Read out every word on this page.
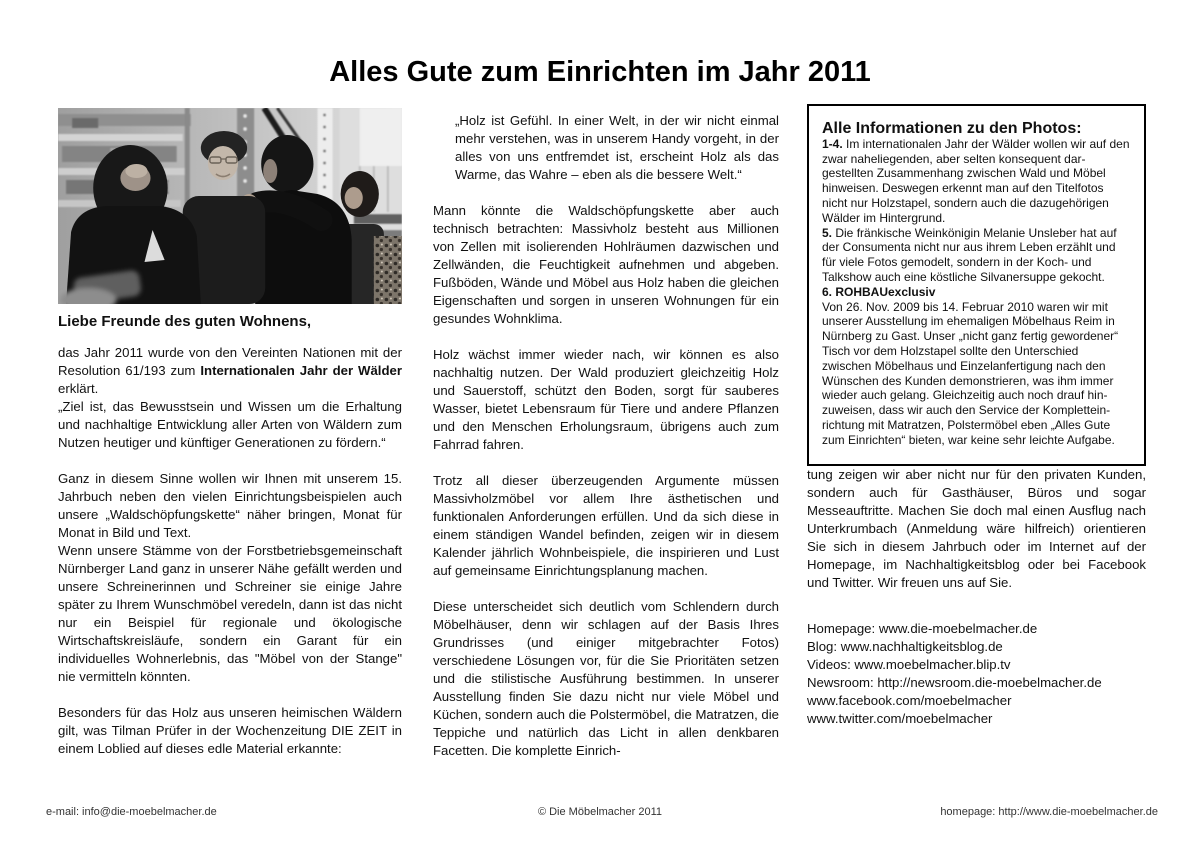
Alles Gute zum Einrichten im Jahr 2011
Liebe Freunde des guten Wohnens,

das Jahr 2011 wurde von den Vereinten Nationen mit der Resolution 61/193 zum Internationalen Jahr der Wälder erklärt.

„Ziel ist, das Bewusstsein und Wissen um die Erhaltung und nachhaltige Entwicklung aller Arten von Wäldern zum Nutzen heutiger und künftiger Generationen zu fördern.“

Ganz in diesem Sinne wollen wir Ihnen mit unserem 15. Jahrbuch neben den vielen Einrichtungsbeispielen auch unsere „Waldschöpfungskette“ näher bringen, Monat für Monat in Bild und Text.

Wenn unsere Stämme von der Forstbetriebsgemeinschaft Nürnberger Land ganz in unserer Nähe gefällt werden und unsere Schreinerinnen und Schreiner sie einige Jahre später zu Ihrem Wunschmöbel veredeln, dann ist das nicht nur ein Beispiel für regionale und ökologische Wirtschaftskreisläufe, sondern ein Garant für ein individuelles Wohnerlebnis, das "Möbel von der Stange" nie vermitteln könnten.

Besonders für das Holz aus unseren heimischen Wäldern gilt, was Tilman Prüfer in der Wochenzeitung DIE ZEIT in einem Loblied auf dieses edle Material erkannte:

„Holz ist Gefühl. In einer Welt, in der wir nicht einmal mehr verstehen, was in unserem Handy vorgeht, in der alles von uns entfremdet ist, erscheint Holz als das Warme, das Wahre – eben als die bessere Welt.“

Mann könnte die Waldschöpfungskette aber auch technisch betrachten: Massivholz besteht aus Millionen von Zellen mit isolierenden Hohlräumen dazwischen und Zellwänden, die Feuchtigkeit aufnehmen und abgeben. Fußböden, Wände und Möbel aus Holz haben die gleichen Eigenschaften und sorgen in unseren Wohnungen für ein gesundes Wohnklima.

Holz wächst immer wieder nach, wir können es also nachhaltig nutzen. Der Wald produziert gleichzeitig Holz und Sauerstoff, schützt den Boden, sorgt für sauberes Wasser, bietet Lebensraum für Tiere und andere Pflanzen und den Menschen Erholungsraum, übrigens auch zum Fahrrad fahren.

Trotz all dieser überzeugenden Argumente müssen Massivholzmöbel vor allem Ihre ästhetischen und funktionalen Anforderungen erfüllen. Und da sich diese in einem ständigen Wandel befinden, zeigen wir in diesem Kalender jährlich Wohnbeispiele, die inspirieren und Lust auf gemeinsame Einrichtungsplanung machen.

Diese unterscheidet sich deutlich vom Schlendern durch Möbelhäuser, denn wir schlagen auf der Basis Ihres Grundrisses (und einiger mitgebrachter Fotos) verschiedene Lösungen vor, für die Sie Prioritäten setzen und die stilistische Ausführung bestimmen. In unserer Ausstellung finden Sie dazu nicht nur viele Möbel und Küchen, sondern auch die Polstermöbel, die Matratzen, die Teppiche und natürlich das Licht in allen denkbaren Facetten. Die komplette Einrich-

Alle Informationen zu den Photos:

1-4. Im internationalen Jahr der Wälder wollen wir auf den zwar naheliegenden, aber selten konsequent dargestellten Zusammenhang zwischen Wald und Möbel hinweisen. Deswegen erkennt man auf den Titelfotos nicht nur Holzstapel, sondern auch die dazugehörigen Wälder im Hintergrund.

5. Die fränkische Weinkönigin Melanie Unsleber hat auf der Consumenta nicht nur aus ihrem Leben erzählt und für viele Fotos gemodelt, sondern in der Koch- und Talkshow auch eine köstliche Silvanersuppe gekocht.

6. ROHBAUexclusiv
Von 26. Nov. 2009 bis 14. Februar 2010 waren wir mit unserer Ausstellung im ehemaligen Möbelhaus Reim in Nürnberg zu Gast. Unser „nicht ganz fertig gewordener“ Tisch vor dem Holzstapel sollte den Unterschied zwischen Möbelhaus und Einzelanfertigung nach den Wünschen des Kunden demonstrieren, was ihm immer wieder auch gelang. Gleichzeitig auch noch drauf hinzuweisen, dass wir auch den Service der Kompletteinrichtung mit Matratzen, Polstermöbel eben „Alles Gute zum Einrichten“ bieten, war keine sehr leichte Aufgabe.

tung zeigen wir aber nicht nur für den privaten Kunden, sondern auch für Gasthäuser, Büros und sogar Messeauftritte. Machen Sie doch mal einen Ausflug nach Unterkrumbach (Anmeldung wäre hilfreich) orientieren Sie sich in diesem Jahrbuch oder im Internet auf der Homepage, im Nachhaltigkeitsblog oder bei Facebook und Twitter. Wir freuen uns auf Sie.

Homepage: www.die-moebelmacher.de
Blog: www.nachhaltigkeitsblog.de
Videos: www.moebelmacher.blip.tv
Newsroom: http://newsroom.die-moebelmacher.de
www.facebook.com/moebelmacher
www.twitter.com/moebelmacher
© Die Möbelmacher 2011
e-mail: info@die-moebelmacher.de	homepage: http://www.die-moebelmacher.de
